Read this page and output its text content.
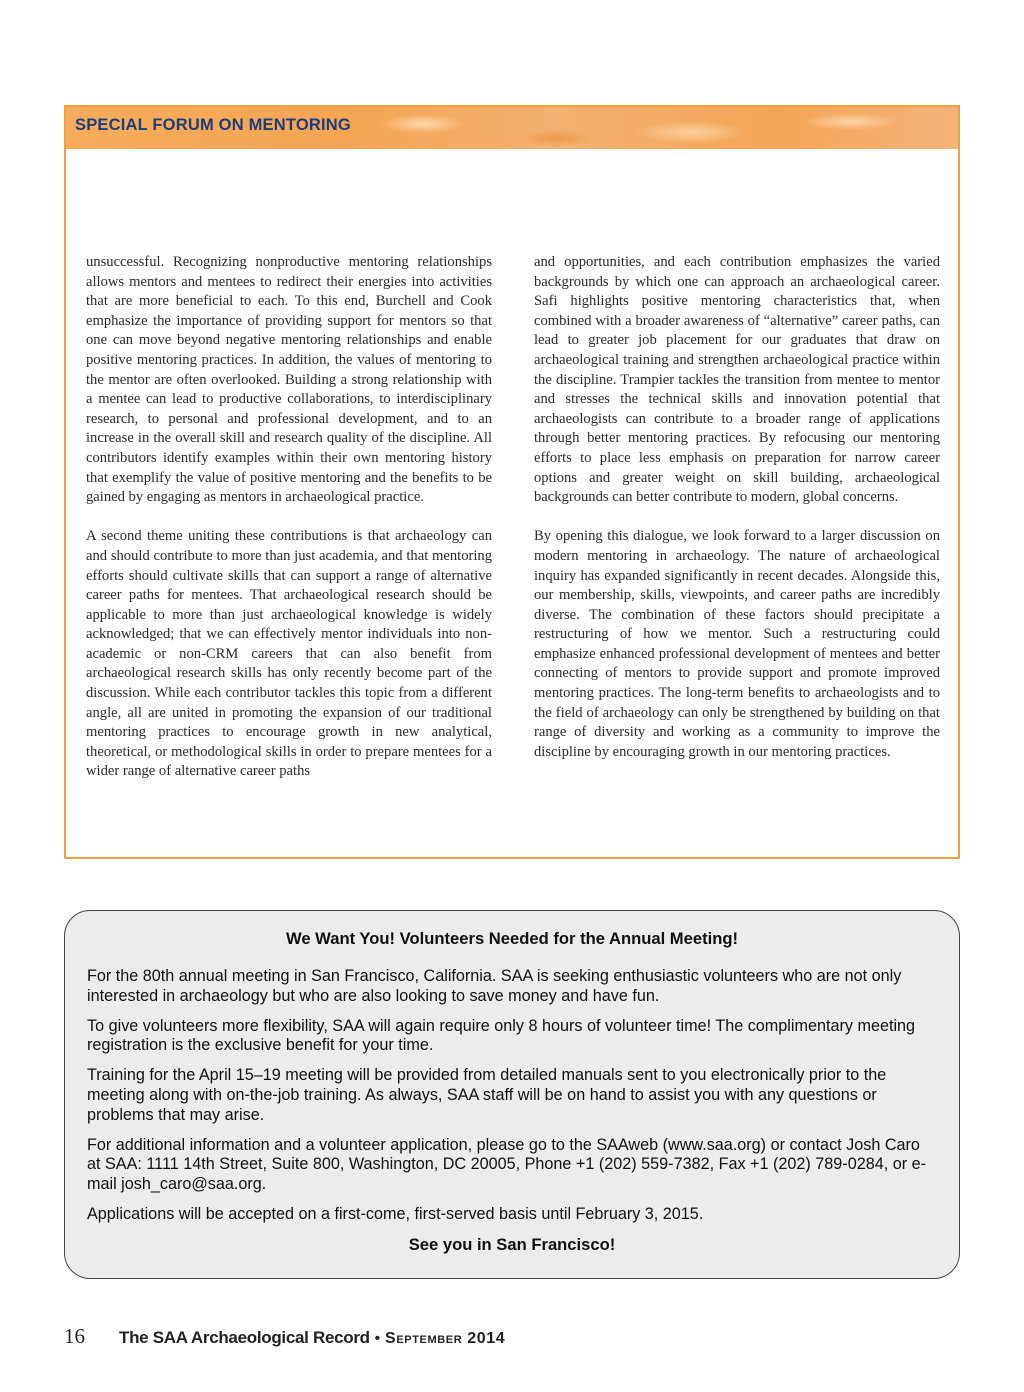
SPECIAL FORUM ON MENTORING

unsuccessful. Recognizing nonproductive mentoring relationships allows mentors and mentees to redirect their energies into activities that are more beneficial to each. To this end, Burchell and Cook emphasize the importance of providing support for mentors so that one can move beyond negative mentoring relationships and enable positive mentoring practices. In addition, the values of mentoring to the mentor are often overlooked. Building a strong relationship with a mentee can lead to productive collaborations, to interdisciplinary research, to personal and professional development, and to an increase in the overall skill and research quality of the discipline. All contributors identify examples within their own mentoring history that exemplify the value of positive mentoring and the benefits to be gained by engaging as mentors in archaeological practice.

A second theme uniting these contributions is that archaeology can and should contribute to more than just academia, and that mentoring efforts should cultivate skills that can support a range of alternative career paths for mentees. That archaeological research should be applicable to more than just archaeological knowledge is widely acknowledged; that we can effectively mentor individuals into non-academic or non-CRM careers that can also benefit from archaeological research skills has only recently become part of the discussion. While each contributor tackles this topic from a different angle, all are united in promoting the expansion of our traditional mentoring practices to encourage growth in new analytical, theoretical, or methodological skills in order to prepare mentees for a wider range of alternative career paths

and opportunities, and each contribution emphasizes the varied backgrounds by which one can approach an archaeological career. Safi highlights positive mentoring characteristics that, when combined with a broader awareness of “alternative” career paths, can lead to greater job placement for our graduates that draw on archaeological training and strengthen archaeological practice within the discipline. Trampier tackles the transition from mentee to mentor and stresses the technical skills and innovation potential that archaeologists can contribute to a broader range of applications through better mentoring practices. By refocusing our mentoring efforts to place less emphasis on preparation for narrow career options and greater weight on skill building, archaeological backgrounds can better contribute to modern, global concerns.

By opening this dialogue, we look forward to a larger discussion on modern mentoring in archaeology. The nature of archaeological inquiry has expanded significantly in recent decades. Alongside this, our membership, skills, viewpoints, and career paths are incredibly diverse. The combination of these factors should precipitate a restructuring of how we mentor. Such a restructuring could emphasize enhanced professional development of mentees and better connecting of mentors to provide support and promote improved mentoring practices. The long-term benefits to archaeologists and to the field of archaeology can only be strengthened by building on that range of diversity and working as a community to improve the discipline by encouraging growth in our mentoring practices.

We Want You! Volunteers Needed for the Annual Meeting!

For the 80th annual meeting in San Francisco, California. SAA is seeking enthusiastic volunteers who are not only interested in archaeology but who are also looking to save money and have fun.

To give volunteers more flexibility, SAA will again require only 8 hours of volunteer time! The complimentary meeting registration is the exclusive benefit for your time.

Training for the April 15–19 meeting will be provided from detailed manuals sent to you electronically prior to the meeting along with on-the-job training. As always, SAA staff will be on hand to assist you with any questions or problems that may arise.

For additional information and a volunteer application, please go to the SAAweb (www.saa.org) or contact Josh Caro at SAA: 1111 14th Street, Suite 800, Washington, DC 20005, Phone +1 (202) 559-7382, Fax +1 (202) 789-0284, or e-mail josh_caro@saa.org.

Applications will be accepted on a first-come, first-served basis until February 3, 2015.

See you in San Francisco!
16 The SAA Archaeological Record • September 2014
